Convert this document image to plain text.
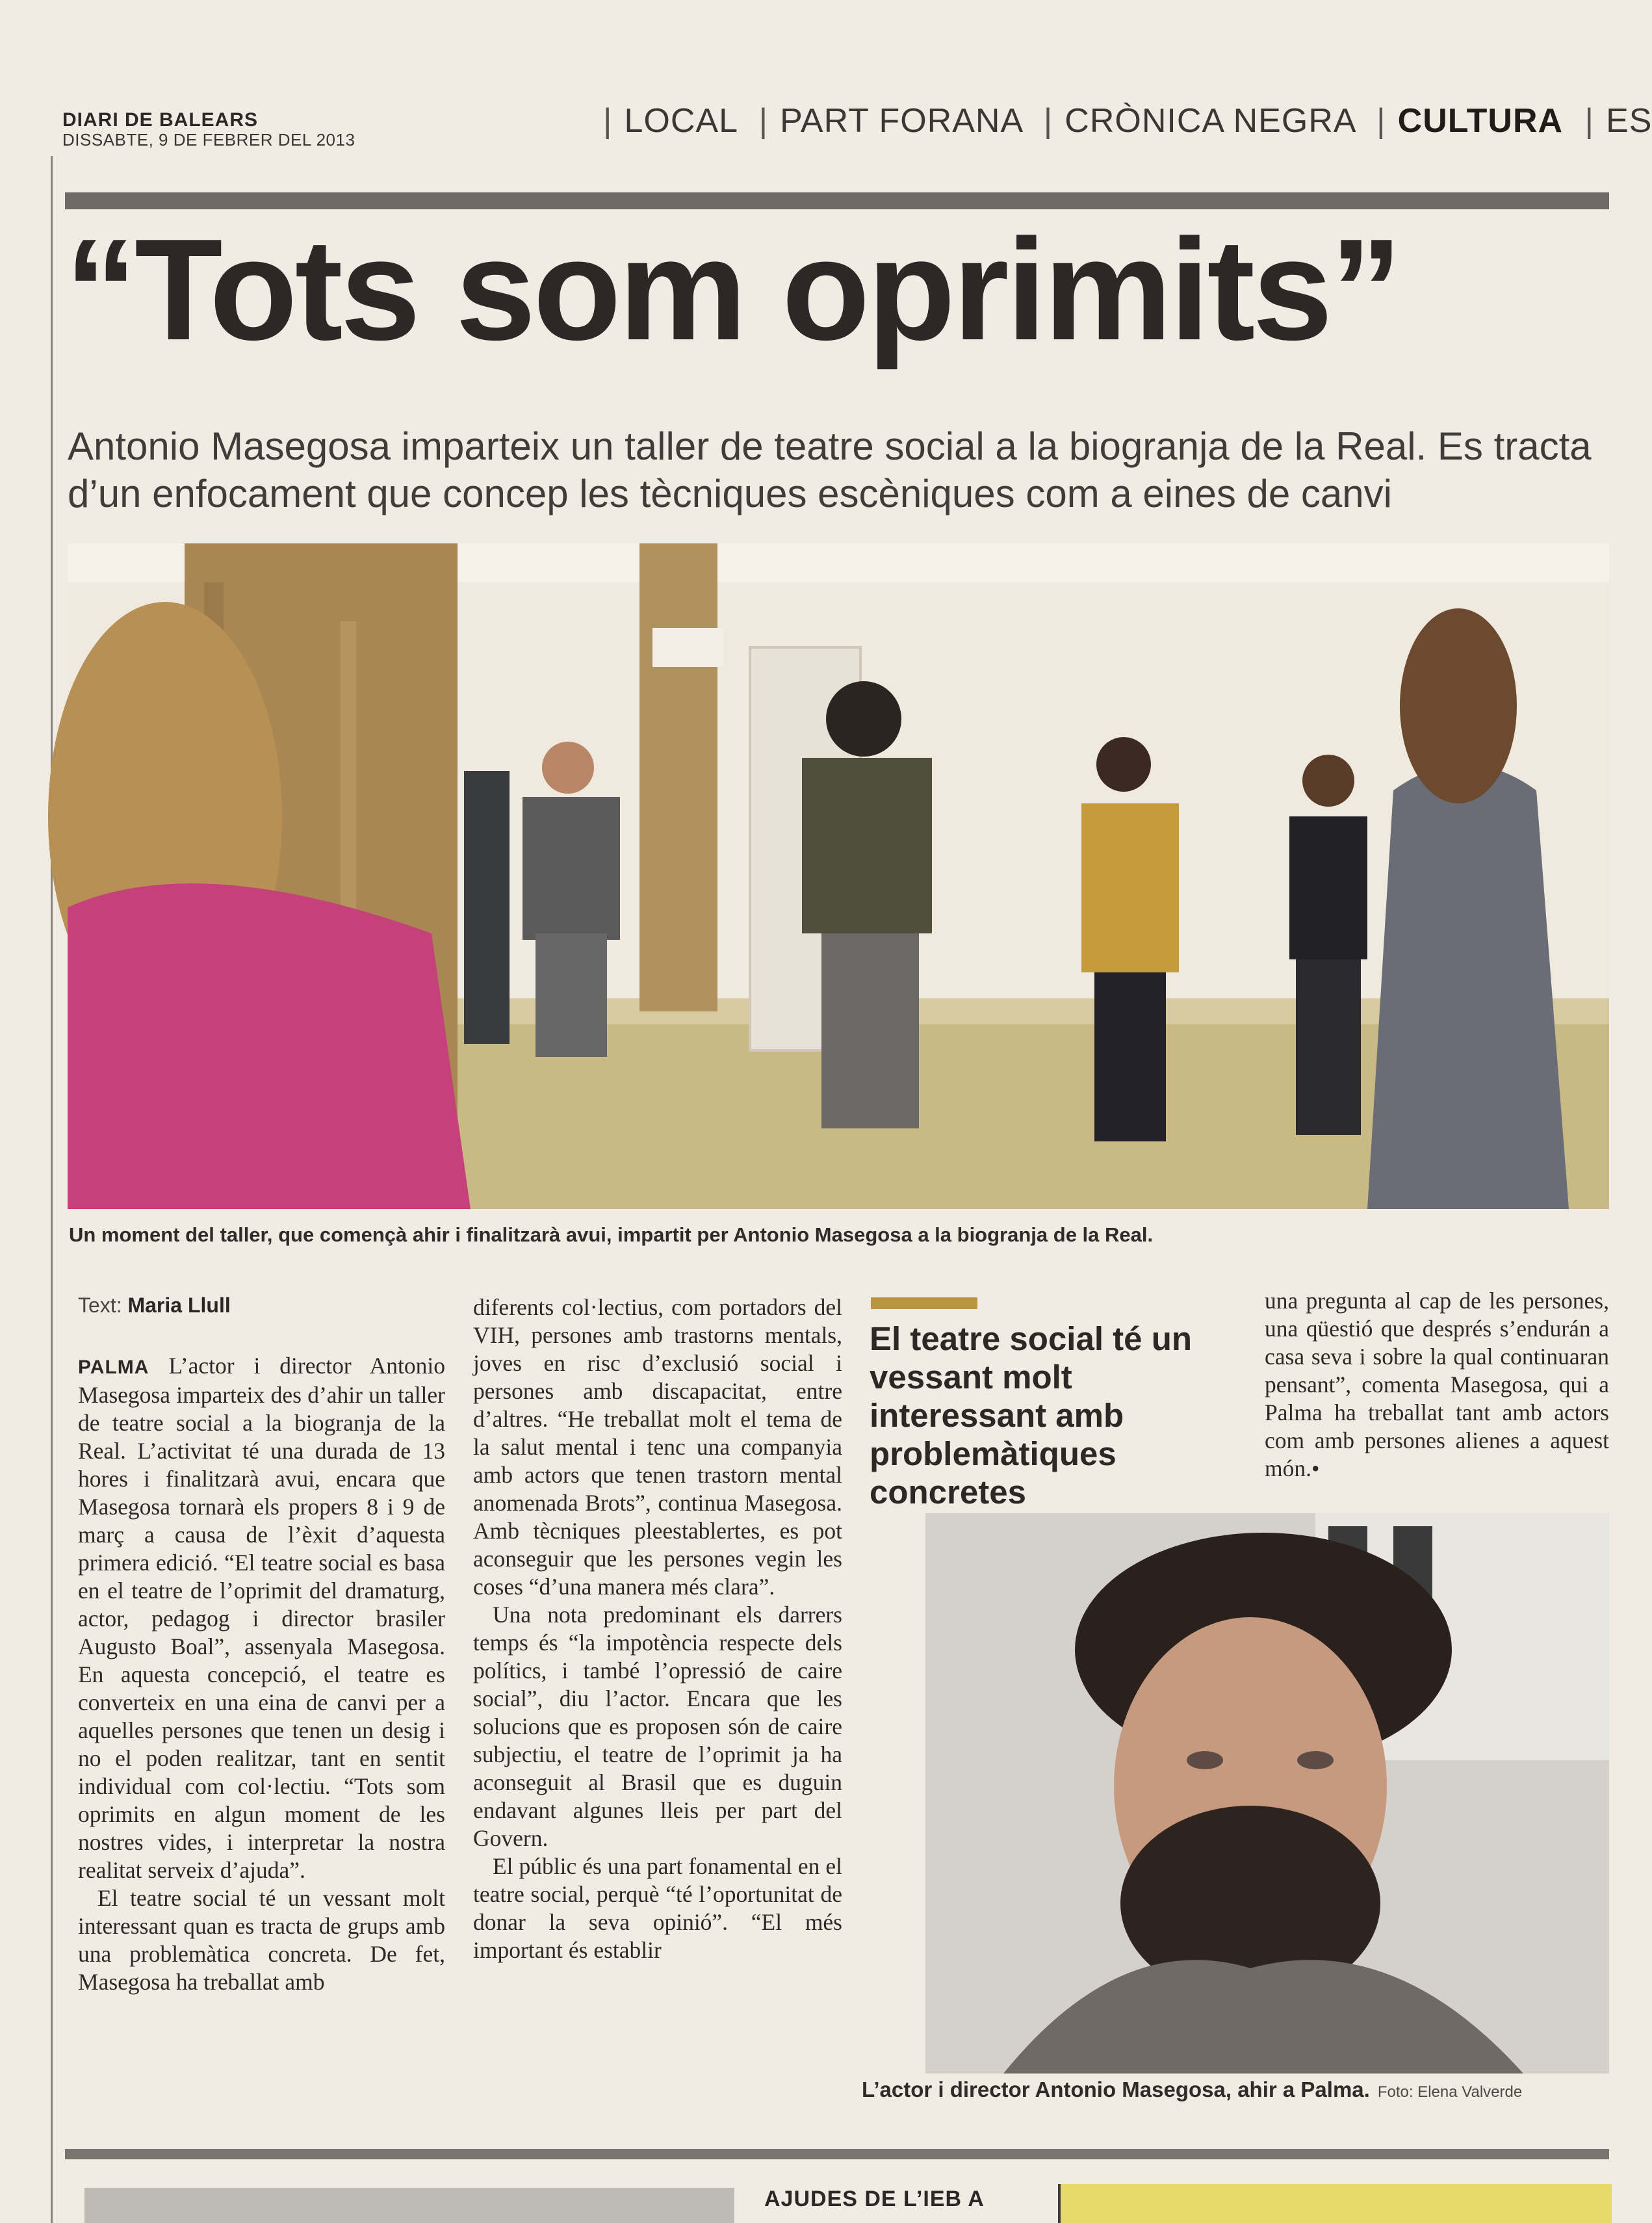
DIARI DE BALEARS
DISSABTE, 9 DE FEBRER DEL 2013	| LOCAL | PART FORANA | CRÒNICA NEGRA | CULTURA | ES
“Tots som oprimits”
Antonio Masegosa imparteix un taller de teatre social a la biogranja de la Real. Es tracta d’un enfocament que concep les tècniques escèniques com a eines de canvi
Un moment del taller, que començà ahir i finalitzarà avui, impartit per Antonio Masegosa a la biogranja de la Real.
Text: Maria Llull

PALMA L’actor i director Antonio Masegosa imparteix des d’ahir un taller de teatre social a la biogranja de la Real. L’activitat té una durada de 13 hores i finalitzarà avui, encara que Masegosa tornarà els propers 8 i 9 de març a causa de l’èxit d’aquesta primera edició. “El teatre social es basa en el teatre de l’oprimit del dramaturg, actor, pedagog i director brasiler Augusto Boal”, assenyala Masegosa. En aquesta concepció, el teatre es converteix en una eina de canvi per a aquelles persones que tenen un desig i no el poden realitzar, tant en sentit individual com col·lectiu. “Tots som oprimits en algun moment de les nostres vides, i interpretar la nostra realitat serveix d’ajuda”.

El teatre social té un vessant molt interessant quan es tracta de grups amb una problemàtica concreta. De fet, Masegosa ha treballat amb

diferents col·lectius, com portadors del VIH, persones amb trastorns mentals, joves en risc d’exclusió social i persones amb discapacitat, entre d’altres. “He treballat molt el tema de la salut mental i tenc una companyia amb actors que tenen trastorn mental anomenada Brots”, continua Masegosa. Amb tècniques pleestablertes, es pot aconseguir que les persones vegin les coses “d’una manera més clara”.

Una nota predominant els darrers temps és “la impotència respecte dels polítics, i també l’opressió de caire social”, diu l’actor. Encara que les solucions que es proposen són de caire subjectiu, el teatre de l’oprimit ja ha aconseguit al Brasil que es duguin endavant algunes lleis per part del Govern.

El públic és una part fonamental en el teatre social, perquè “té l’oportunitat de donar la seva opinió”. “El més important és establir

El teatre social té un vessant molt interessant amb problemàtiques concretes

una pregunta al cap de les persones, una qüestió que després s’endurán a casa seva i sobre la qual continuaran pensant”, comenta Masegosa, qui a Palma ha treballat tant amb actors com amb persones alienes a aquest món.•

L’actor i director Antonio Masegosa, ahir a Palma. Foto: Elena Valverde
AJUDES DE L’IEB A
